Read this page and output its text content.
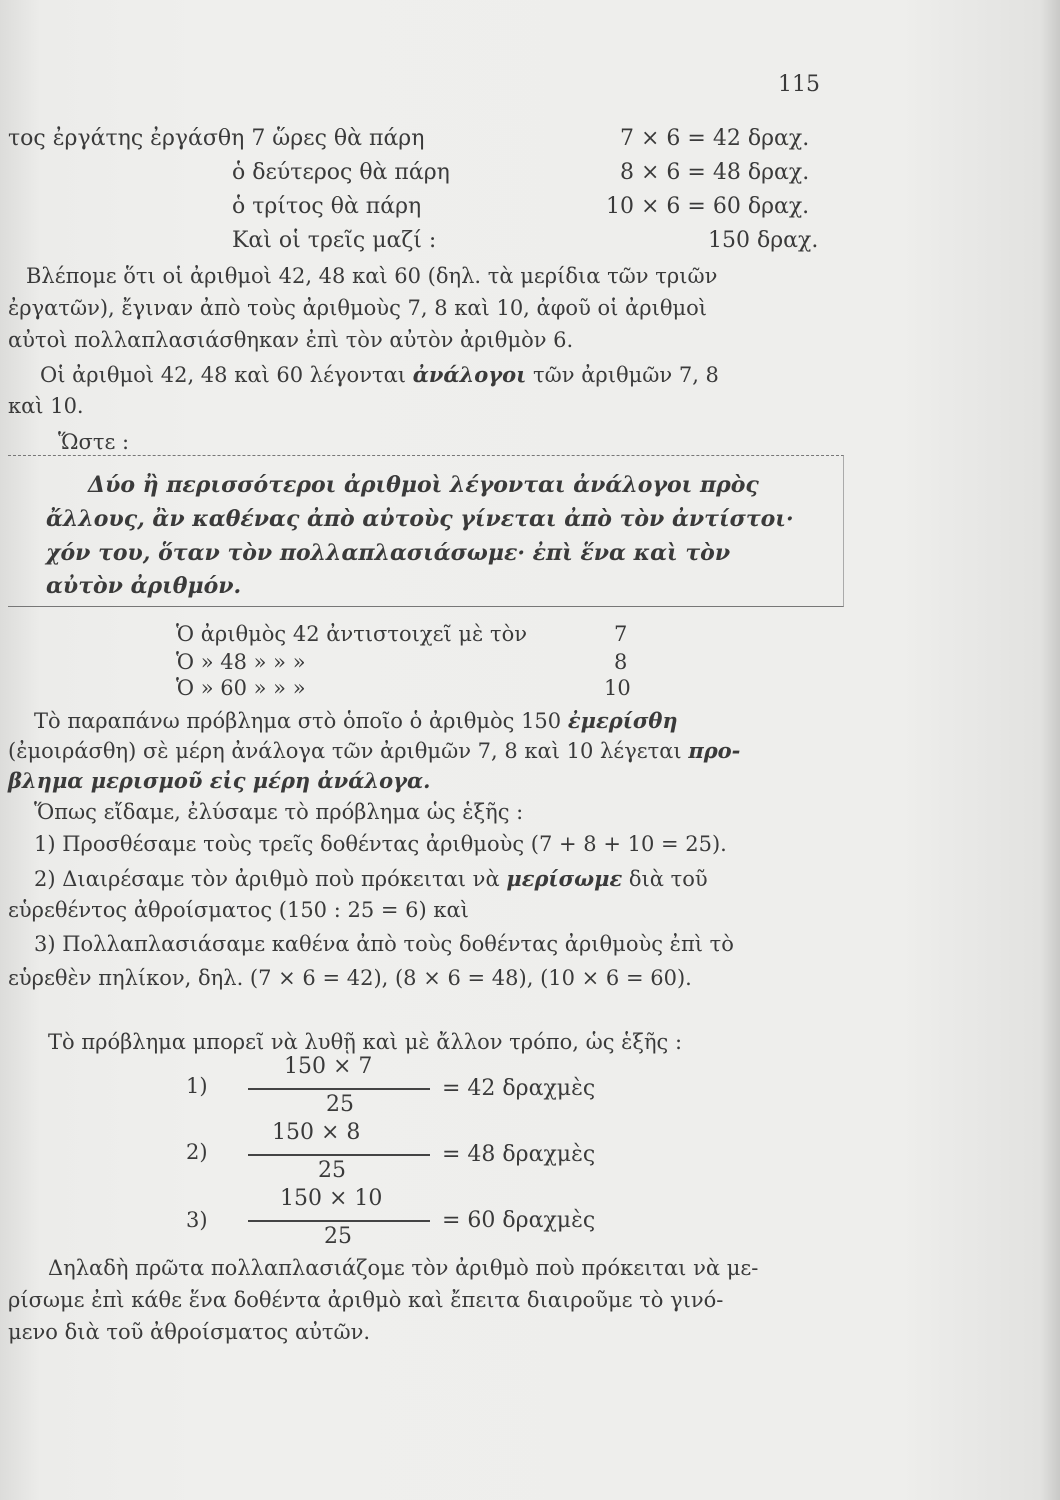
115
τος ἐργάτης ἐργάσθη 7 ὥρες θὰ πάρη	7 × 6 = 42 δραχ.
ὁ δεύτερος θὰ πάρη	8 × 6 = 48 δραχ.
ὁ τρίτος θὰ πάρη	10 × 6 = 60 δραχ.
Καὶ οἱ τρεῖς μαζί :	150 δραχ.
Βλέπομε ὅτι οἱ ἀριθμοὶ 42, 48 καὶ 60 (δηλ. τὰ μερίδια τῶν τριῶν
ἐργατῶν), ἔγιναν ἀπὸ τοὺς ἀριθμοὺς 7, 8 καὶ 10, ἀφοῦ οἱ ἀριθμοὶ
αὐτοὶ πολλαπλασιάσθηκαν ἐπὶ τὸν αὐτὸν ἀριθμὸν 6.
Οἱ ἀριθμοὶ 42, 48 καὶ 60 λέγονται ἀνάλογοι τῶν ἀριθμῶν 7, 8
καὶ 10.
Ὥστε :
Δύο ἢ περισσότεροι ἀριθμοὶ λέγονται ἀνάλογοι πρὸς
ἄλλους, ἂν καθένας ἀπὸ αὐτοὺς γίνεται ἀπὸ τὸν ἀντίστοι·
χόν του, ὅταν τὸν πολλαπλασιάσωμε· ἐπὶ ἕνα καὶ τὸν
αὐτὸν ἀριθμόν.
Ὁ ἀριθμὸς 42 ἀντιστοιχεῖ μὲ τὸν	7
Ὁ » 48 » » »	8
Ὁ » 60 » » »	10
Τὸ παραπάνω πρόβλημα στὸ ὁποῖο ὁ ἀριθμὸς 150 ἐμερίσθη
(ἐμοιράσθη) σὲ μέρη ἀνάλογα τῶν ἀριθμῶν 7, 8 καὶ 10 λέγεται προ-
βλημα μερισμοῦ εἰς μέρη ἀνάλογα.
Ὅπως εἴδαμε, ἐλύσαμε τὸ πρόβλημα ὡς ἑξῆς :
1) Προσθέσαμε τοὺς τρεῖς δοθέντας ἀριθμοὺς (7 + 8 + 10 = 25).
2) Διαιρέσαμε τὸν ἀριθμὸ ποὺ πρόκειται νὰ μερίσωμε διὰ τοῦ
εὑρεθέντος ἀθροίσματος (150 : 25 = 6) καὶ
3) Πολλαπλασιάσαμε καθένα ἀπὸ τοὺς δοθέντας ἀριθμοὺς ἐπὶ τὸ
εὑρεθὲν πηλίκον, δηλ. (7 × 6 = 42), (8 × 6 = 48), (10 × 6 = 60).
Τὸ πρόβλημα μπορεῖ νὰ λυθῇ καὶ μὲ ἄλλον τρόπο, ὡς ἑξῆς :
1)
150 × 7
25
= 42 δραχμὲς
2)
150 × 8
25
= 48 δραχμὲς
3)
150 × 10
25
= 60 δραχμὲς
Δηλαδὴ πρῶτα πολλαπλασιάζομε τὸν ἀριθμὸ ποὺ πρόκειται νὰ με-
ρίσωμε ἐπὶ κάθε ἕνα δοθέντα ἀριθμὸ καὶ ἔπειτα διαιροῦμε τὸ γινό-
μενο διὰ τοῦ ἀθροίσματος αὐτῶν.
